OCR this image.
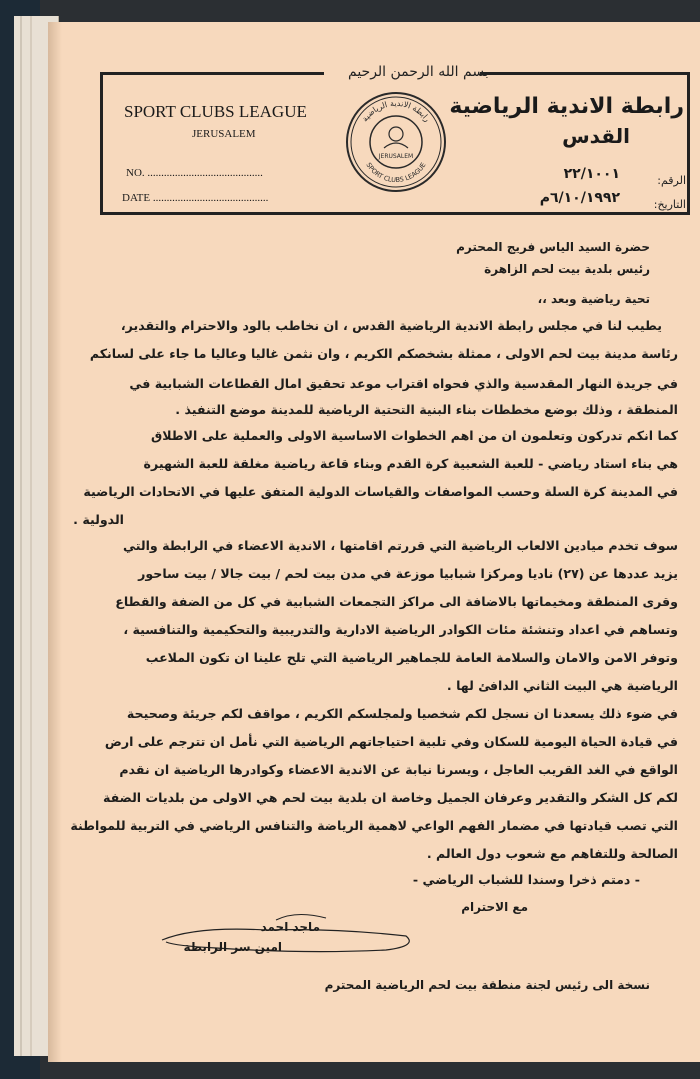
بسم الله الرحمن الرحيم
SPORT CLUBS LEAGUE
JERUSALEM
NO. ..........................................
DATE ..........................................
رابطة الاندية الرياضية
القدس
الرقم:
التاريخ:
٢٢/١٠٠١
٦/١٠/١٩٩٢م
رابطة الاندية الرياضية
SPORT CLUBS LEAGUE
JERUSALEM
حضرة السيد الياس فريج المحترم
رئيس بلدية بيت لحم الزاهرة
تحية رياضية وبعد ،،
يطيب لنا في مجلس رابطة الاندية الرياضية القدس ، ان نخاطب بالود والاحترام والتقدير،
رئاسة مدينة بيت لحم الاولى ، ممثلة بشخصكم الكريم ، وان نثمن غاليا وعاليا ما جاء على لسانكم
في جريدة النهار المقدسية والذي فحواه اقتراب موعد تحقيق امال القطاعات الشبابية في
المنطقة ، وذلك بوضع مخططات بناء البنية التحتية الرياضية للمدينة موضع التنفيذ .
كما انكم تدركون وتعلمون ان من اهم الخطوات الاساسية الاولى والعملية على الاطلاق
هي بناء استاد رياضي - للعبة الشعبية كرة القدم وبناء قاعة رياضية مغلقة للعبة الشهيرة
في المدينة كرة السلة وحسب المواصفات والقياسات الدولية المتفق عليها في الاتحادات الرياضية
الدولية .
سوف تخدم ميادين الالعاب الرياضية التي قررتم اقامتها ، الاندية الاعضاء في الرابطة والتي
يزيد عددها عن (٢٧) ناديا ومركزا شبابيا موزعة في مدن بيت لحم / بيت جالا / بيت ساحور
وقرى المنطقة ومخيماتها بالاضافة الى مراكز التجمعات الشبابية في كل من الضفة والقطاع
وتساهم في اعداد وتنشئة مئات الكوادر الرياضية الادارية والتدريبية والتحكيمية والتنافسية ،
وتوفر الامن والامان والسلامة العامة للجماهير الرياضية التي تلح علينا ان تكون الملاعب
الرياضية هي البيت الثاني الدافئ لها .
في ضوء ذلك يسعدنا ان نسجل لكم شخصيا ولمجلسكم الكريم ، مواقف لكم جريئة وصحيحة
في قيادة الحياة اليومية للسكان وفي تلبية احتياجاتهم الرياضية التي نأمل ان تترجم على ارض
الواقع في الغد القريب العاجل ، ويسرنا نيابة عن الاندية الاعضاء وكوادرها الرياضية ان نقدم
لكم كل الشكر والتقدير وعرفان الجميل وخاصة ان بلدية بيت لحم هي الاولى من بلديات الضفة
التي تصب قيادتها في مضمار الفهم الواعي لاهمية الرياضة والتنافس الرياضي في التربية للمواطنة
الصالحة وللتفاهم مع شعوب دول العالم .
- دمتم ذخرا وسندا للشباب الرياضي -
مع الاحترام
ماجد احمد
امين سر الرابطة
نسخة الى رئيس لجنة منطقة بيت لحم الرياضية المحترم
